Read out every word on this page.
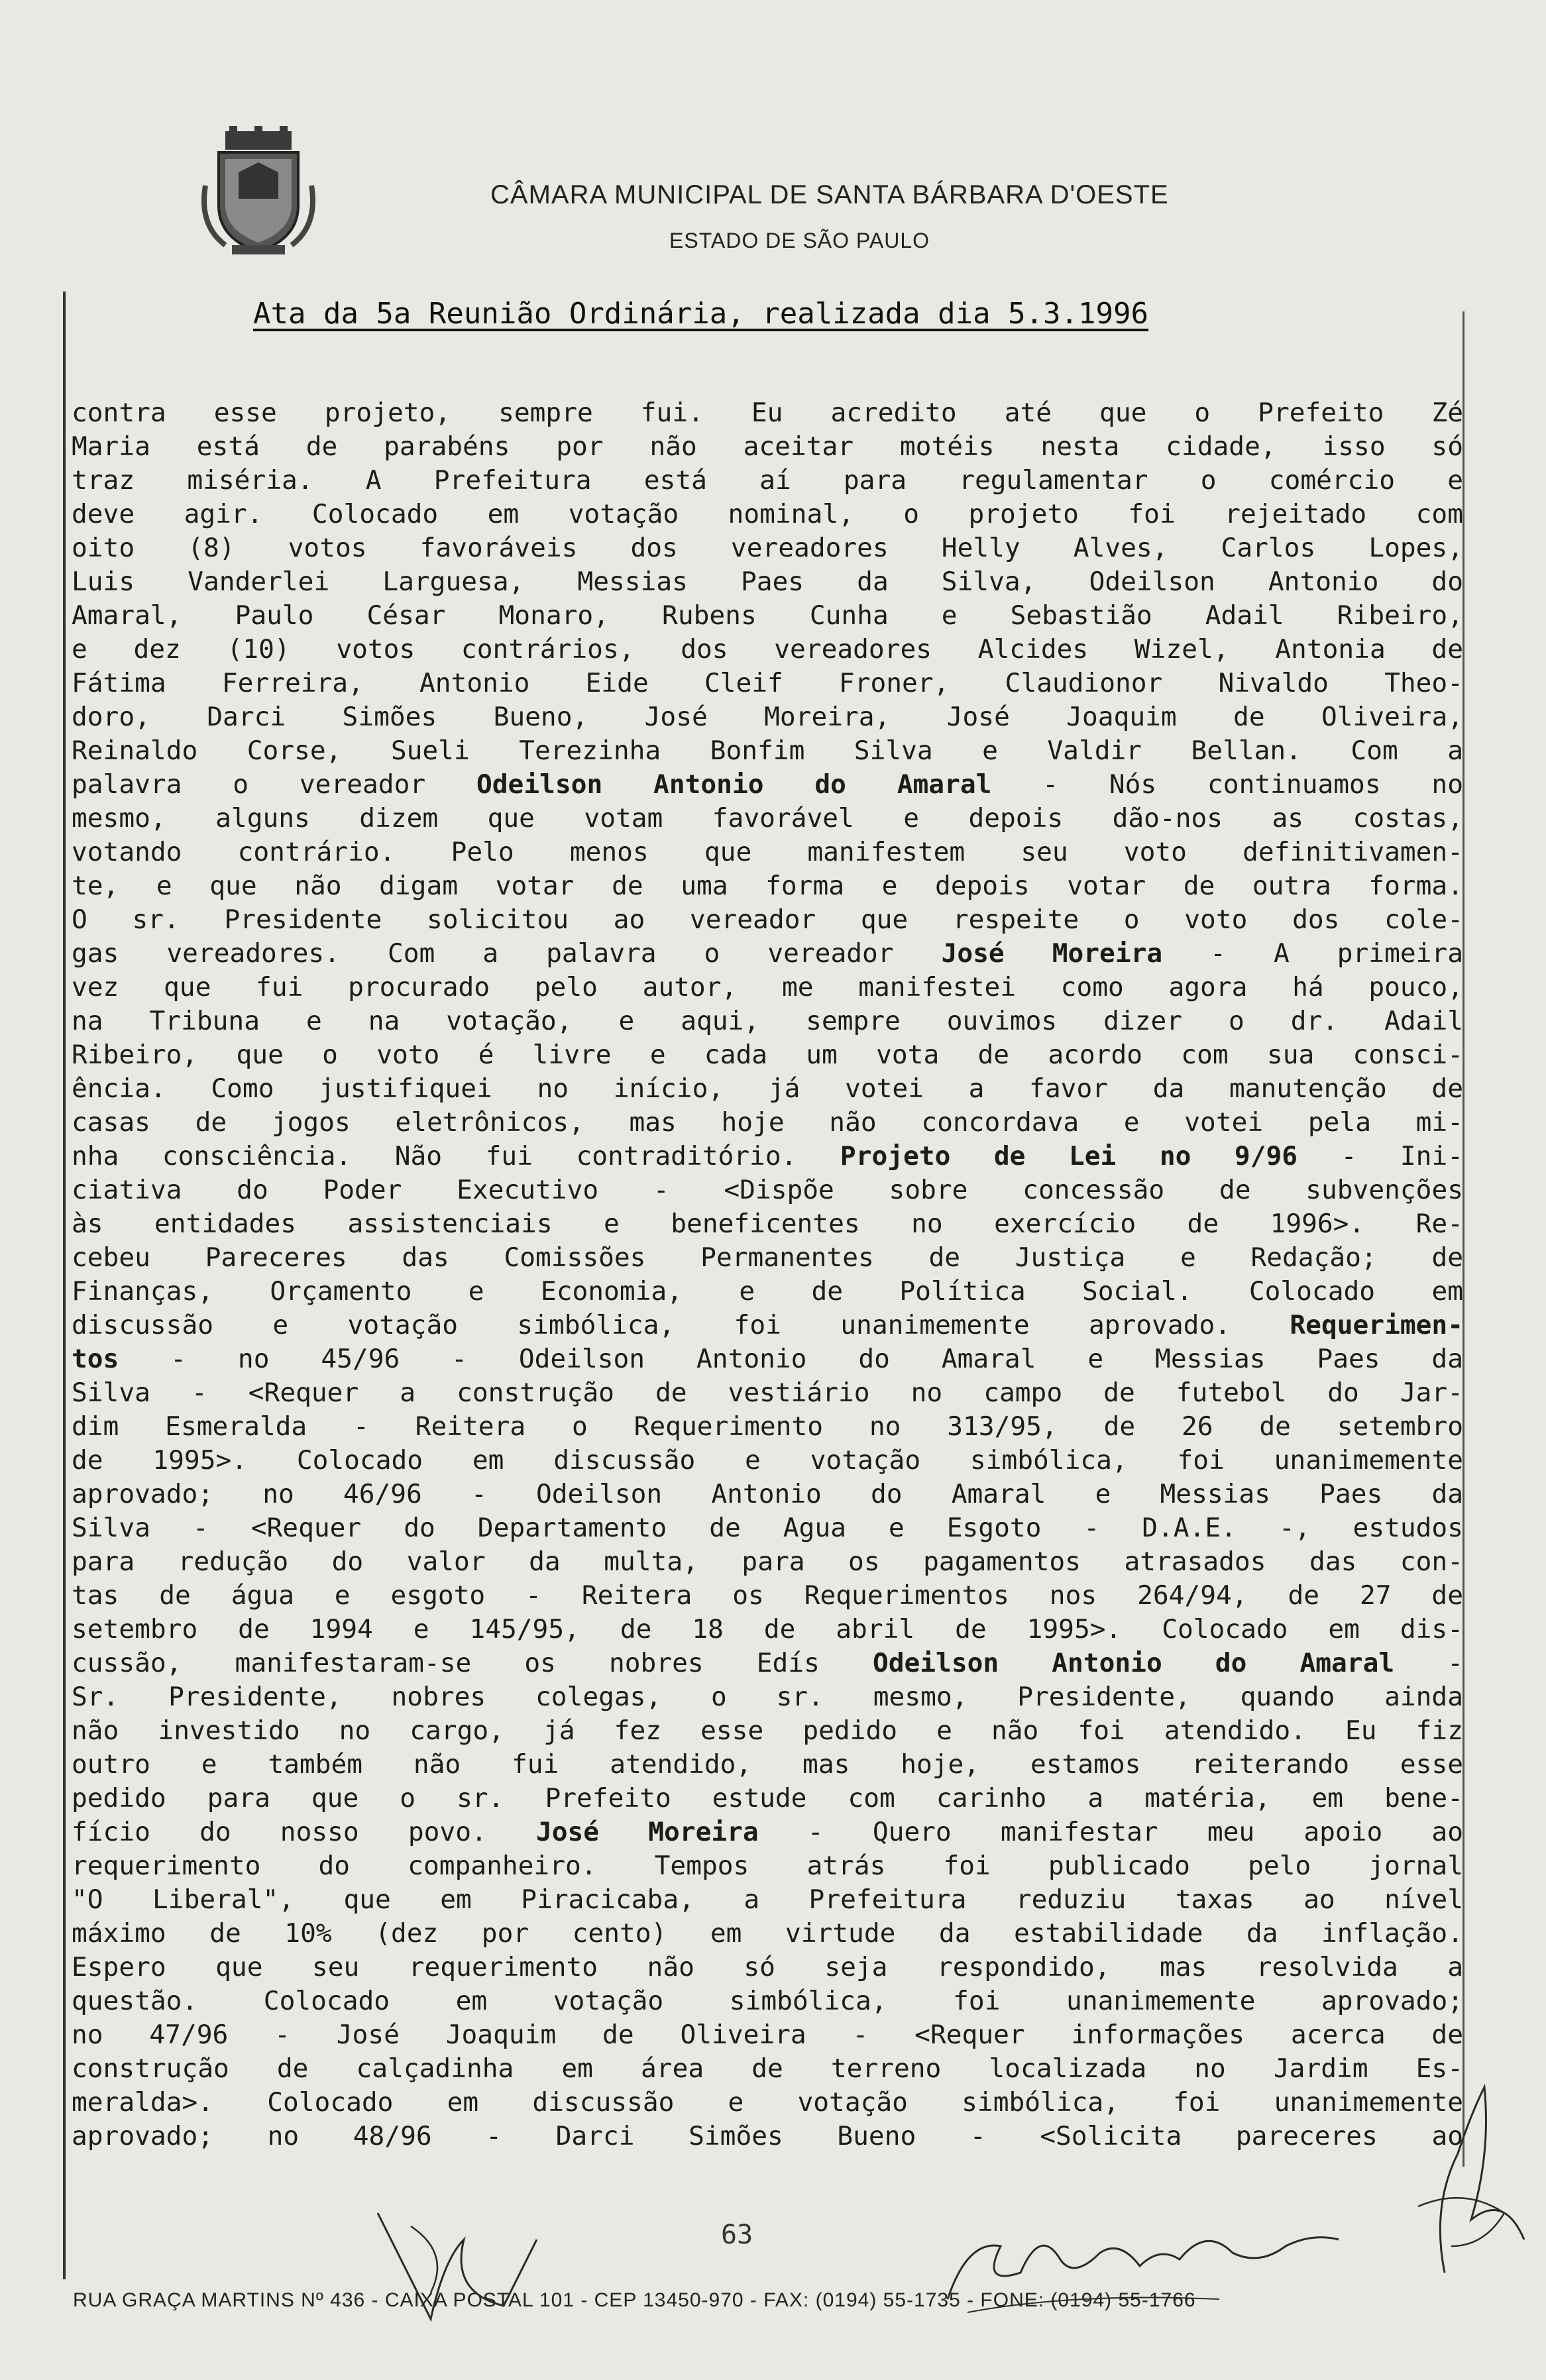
CÂMARA MUNICIPAL DE SANTA BÁRBARA D'OESTE
ESTADO DE SÃO PAULO
Ata da 5a Reunião Ordinária, realizada dia 5.3.1996
contra esse projeto, sempre fui. Eu acredito até que o Prefeito Zé
Maria está de parabéns por não aceitar motéis nesta cidade, isso só
traz miséria. A Prefeitura está aí para regulamentar o comércio e
deve agir. Colocado em votação nominal, o projeto foi rejeitado com
oito (8) votos favoráveis dos vereadores Helly Alves, Carlos Lopes,
Luis Vanderlei Larguesa, Messias Paes da Silva, Odeilson Antonio do
Amaral, Paulo César Monaro, Rubens Cunha e Sebastião Adail Ribeiro,
e dez (10) votos contrários, dos vereadores Alcides Wizel, Antonia de
Fátima Ferreira, Antonio Eide Cleif Froner, Claudionor Nivaldo Theo-
doro, Darci Simões Bueno, José Moreira, José Joaquim de Oliveira,
Reinaldo Corse, Sueli Terezinha Bonfim Silva e Valdir Bellan. Com a
palavra o vereador Odeilson Antonio do Amaral - Nós continuamos no
mesmo, alguns dizem que votam favorável e depois dão-nos as costas,
votando contrário. Pelo menos que manifestem seu voto definitivamen-
te, e que não digam votar de uma forma e depois votar de outra forma.
O sr. Presidente solicitou ao vereador que respeite o voto dos cole-
gas vereadores. Com a palavra o vereador José Moreira - A primeira
vez que fui procurado pelo autor, me manifestei como agora há pouco,
na Tribuna e na votação, e aqui, sempre ouvimos dizer o dr. Adail
Ribeiro, que o voto é livre e cada um vota de acordo com sua consci-
ência. Como justifiquei no início, já votei a favor da manutenção de
casas de jogos eletrônicos, mas hoje não concordava e votei pela mi-
nha consciência. Não fui contraditório. Projeto de Lei no 9/96 - Ini-
ciativa do Poder Executivo - <Dispõe sobre concessão de subvenções
às entidades assistenciais e beneficentes no exercício de 1996>. Re-
cebeu Pareceres das Comissões Permanentes de Justiça e Redação; de
Finanças, Orçamento e Economia, e de Política Social. Colocado em
discussão e votação simbólica, foi unanimemente aprovado. Requerimen-
tos - no 45/96 - Odeilson Antonio do Amaral e Messias Paes da
Silva - <Requer a construção de vestiário no campo de futebol do Jar-
dim Esmeralda - Reitera o Requerimento no 313/95, de 26 de setembro
de 1995>. Colocado em discussão e votação simbólica, foi unanimemente
aprovado; no 46/96 - Odeilson Antonio do Amaral e Messias Paes da
Silva - <Requer do Departamento de Agua e Esgoto - D.A.E. -, estudos
para redução do valor da multa, para os pagamentos atrasados das con-
tas de água e esgoto - Reitera os Requerimentos nos 264/94, de 27 de
setembro de 1994 e 145/95, de 18 de abril de 1995>. Colocado em dis-
cussão, manifestaram-se os nobres Edís Odeilson Antonio do Amaral -
Sr. Presidente, nobres colegas, o sr. mesmo, Presidente, quando ainda
não investido no cargo, já fez esse pedido e não foi atendido. Eu fiz
outro e também não fui atendido, mas hoje, estamos reiterando esse
pedido para que o sr. Prefeito estude com carinho a matéria, em bene-
fício do nosso povo. José Moreira - Quero manifestar meu apoio ao
requerimento do companheiro. Tempos atrás foi publicado pelo jornal
"O Liberal", que em Piracicaba, a Prefeitura reduziu taxas ao nível
máximo de 10% (dez por cento) em virtude da estabilidade da inflação.
Espero que seu requerimento não só seja respondido, mas resolvida a
questão. Colocado em votação simbólica, foi unanimemente aprovado;
no 47/96 - José Joaquim de Oliveira - <Requer informações acerca de
construção de calçadinha em área de terreno localizada no Jardim Es-
meralda>. Colocado em discussão e votação simbólica, foi unanimemente
aprovado; no 48/96 - Darci Simões Bueno - <Solicita pareceres ao
63
RUA GRAÇA MARTINS Nº 436 - CAIXA POSTAL 101 - CEP 13450-970 - FAX: (0194) 55-1735 - FONE: (0194) 55-1766
